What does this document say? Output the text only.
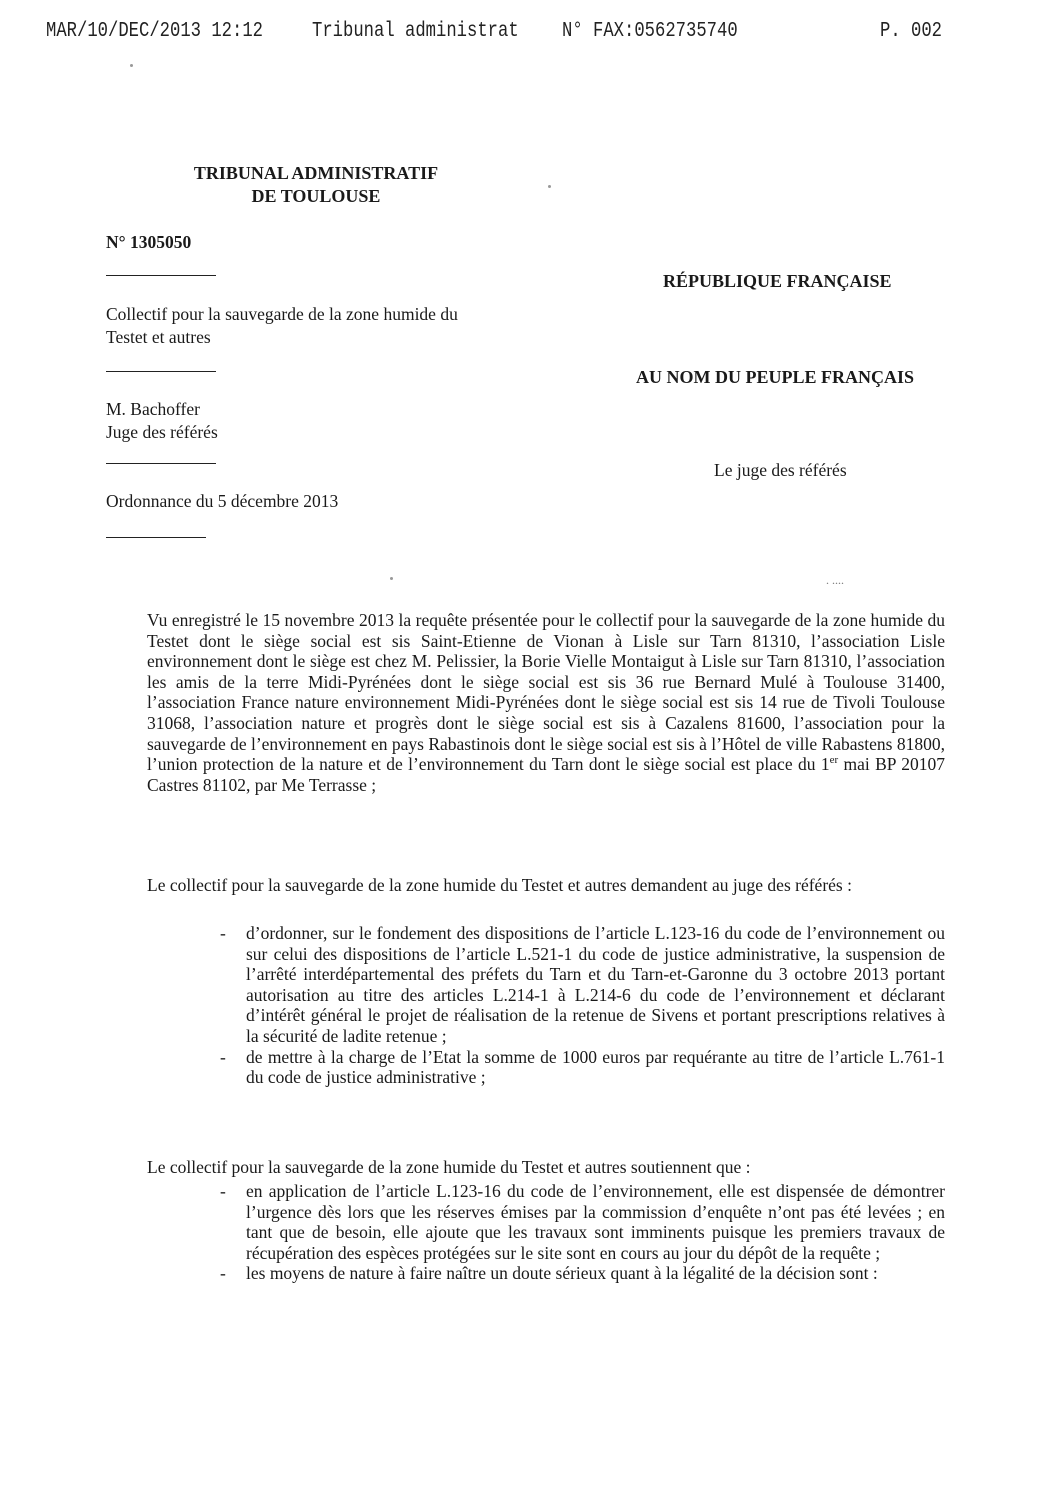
MAR/10/DEC/2013 12:12 Tribunal administrat N° FAX:0562735740	P. 002
TRIBUNAL ADMINISTRATIF
DE TOULOUSE
N° 1305050
Collectif pour la sauvegarde de la zone humide du
Testet et autres
M. Bachoffer
Juge des référés
Ordonnance du 5 décembre 2013
RÉPUBLIQUE FRANÇAISE
AU NOM DU PEUPLE FRANÇAIS
Le juge des référés
. ....
Vu enregistré le 15 novembre 2013 la requête présentée pour le collectif pour la sauvegarde de la zone humide du Testet dont le siège social est sis Saint-Etienne de Vionan à Lisle sur Tarn 81310, l’association Lisle environnement dont le siège est chez M. Pelissier, la Borie Vielle Montaigut à Lisle sur Tarn 81310, l’association les amis de la terre Midi-Pyrénées dont le siège social est sis 36 rue Bernard Mulé à Toulouse 31400, l’association France nature environnement Midi-Pyrénées dont le siège social est sis 14 rue de Tivoli Toulouse 31068, l’association nature et progrès dont le siège social est sis à Cazalens 81600, l’association pour la sauvegarde de l’environnement en pays Rabastinois dont le siège social est sis à l’Hôtel de ville Rabastens 81800, l’union protection de la nature et de l’environnement du Tarn dont le siège social est place du 1er mai BP 20107 Castres 81102, par Me Terrasse ;
Le collectif pour la sauvegarde de la zone humide du Testet et autres demandent au juge des référés :
- d’ordonner, sur le fondement des dispositions de l’article L.123-16 du code de l’environnement ou sur celui des dispositions de l’article L.521-1 du code de justice administrative, la suspension de l’arrêté interdépartemental des préfets du Tarn et du Tarn-et-Garonne du 3 octobre 2013 portant autorisation au titre des articles L.214-1 à L.214-6 du code de l’environnement et déclarant d’intérêt général le projet de réalisation de la retenue de Sivens et portant prescriptions relatives à la sécurité de ladite retenue ;
- de mettre à la charge de l’Etat la somme de 1000 euros par requérante au titre de l’article L.761-1 du code de justice administrative ;
Le collectif pour la sauvegarde de la zone humide du Testet et autres soutiennent que :
- en application de l’article L.123-16 du code de l’environnement, elle est dispensée de démontrer l’urgence dès lors que les réserves émises par la commission d’enquête n’ont pas été levées ; en tant que de besoin, elle ajoute que les travaux sont imminents puisque les premiers travaux de récupération des espèces protégées sur le site sont en cours au jour du dépôt de la requête ;
- les moyens de nature à faire naître un doute sérieux quant à la légalité de la décision sont :
